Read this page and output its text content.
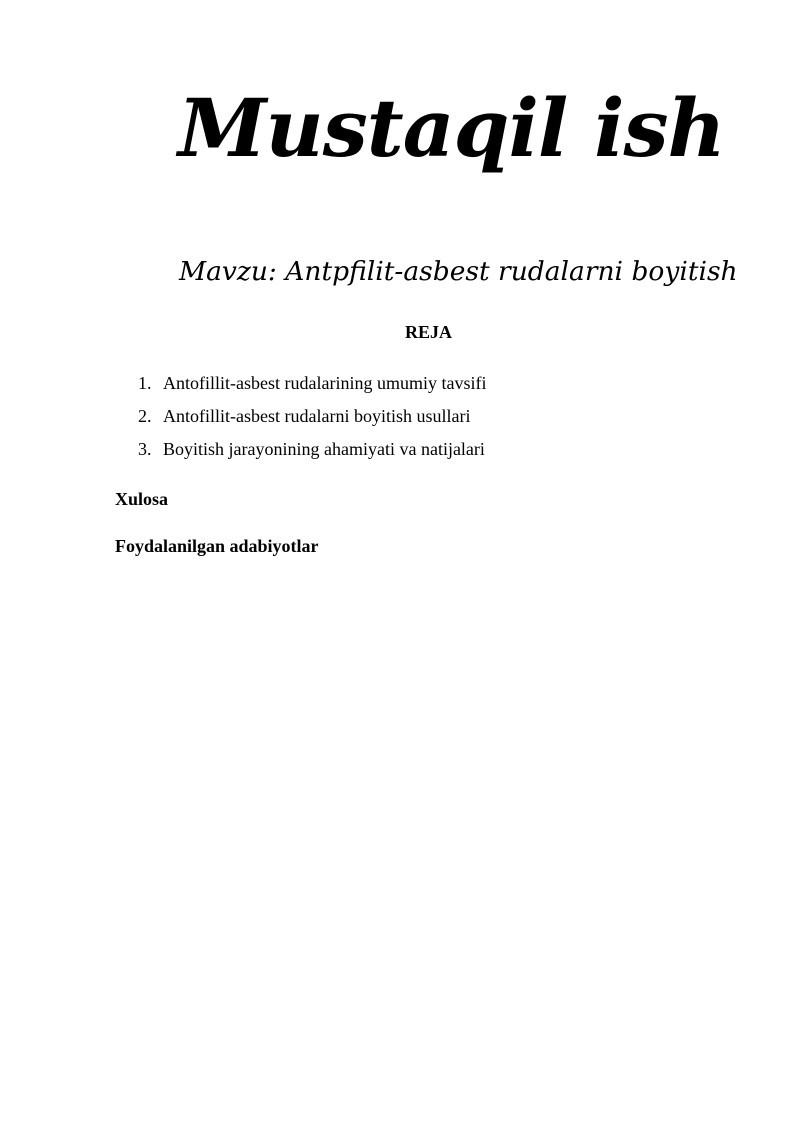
Mustaqil ish
Mavzu: Antpfilit-asbest rudalarni boyitish
REJA
1. Antofillit-asbest rudalarining umumiy tavsifi
2. Antofillit-asbest rudalarni boyitish usullari
3. Boyitish jarayonining ahamiyati va natijalari
Xulosa
Foydalanilgan adabiyotlar
